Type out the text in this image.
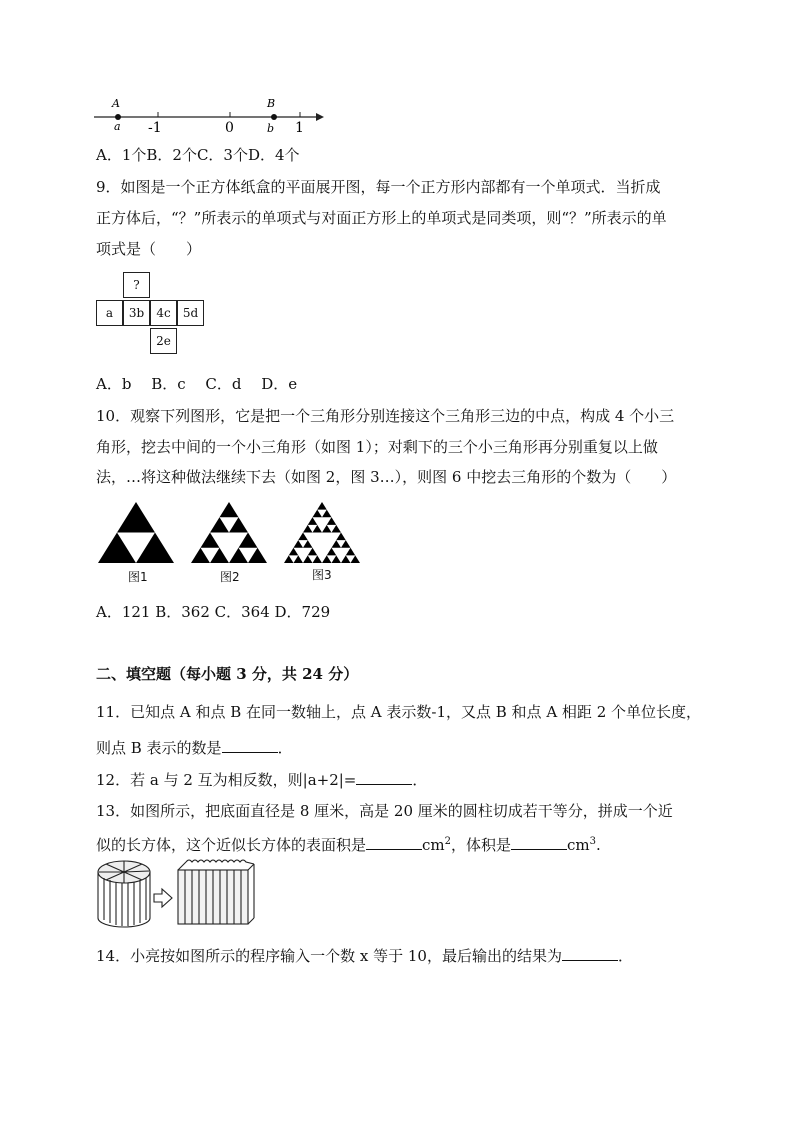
A	B
a	b
-1	0	1
A．1个B．2个C．3个D．4个
9．如图是一个正方体纸盒的平面展开图，每一个正方形内部都有一个单项式．当折成
正方体后，“？”所表示的单项式与对面正方形上的单项式是同类项，则“？”所表示的单
项式是（　　）
?
a	3b	4c	5d
2e
A．b　 B．c　 C．d　 D．e
10．观察下列图形，它是把一个三角形分别连接这个三角形三边的中点，构成 4 个小三
角形，挖去中间的一个小三角形（如图 1）；对剩下的三个小三角形再分别重复以上做
法，…将这种做法继续下去（如图 2，图 3…），则图 6 中挖去三角形的个数为（　　）
图1	图2	图3
A．121 B．362 C．364 D．729
二、填空题（每小题 3 分，共 24 分）
11．已知点 A 和点 B 在同一数轴上，点 A 表示数-1，又点 B 和点 A 相距 2 个单位长度，
则点 B 表示的数是	．
12．若 a 与 2 互为相反数，则|a+2|=	．
13．如图所示，把底面直径是 8 厘米，高是 20 厘米的圆柱切成若干等分，拼成一个近
似的长方体，这个近似长方体的表面积是	$cm^2$，体积是	$cm^3$.
14．小亮按如图所示的程序输入一个数 x 等于 10，最后输出的结果为	．
